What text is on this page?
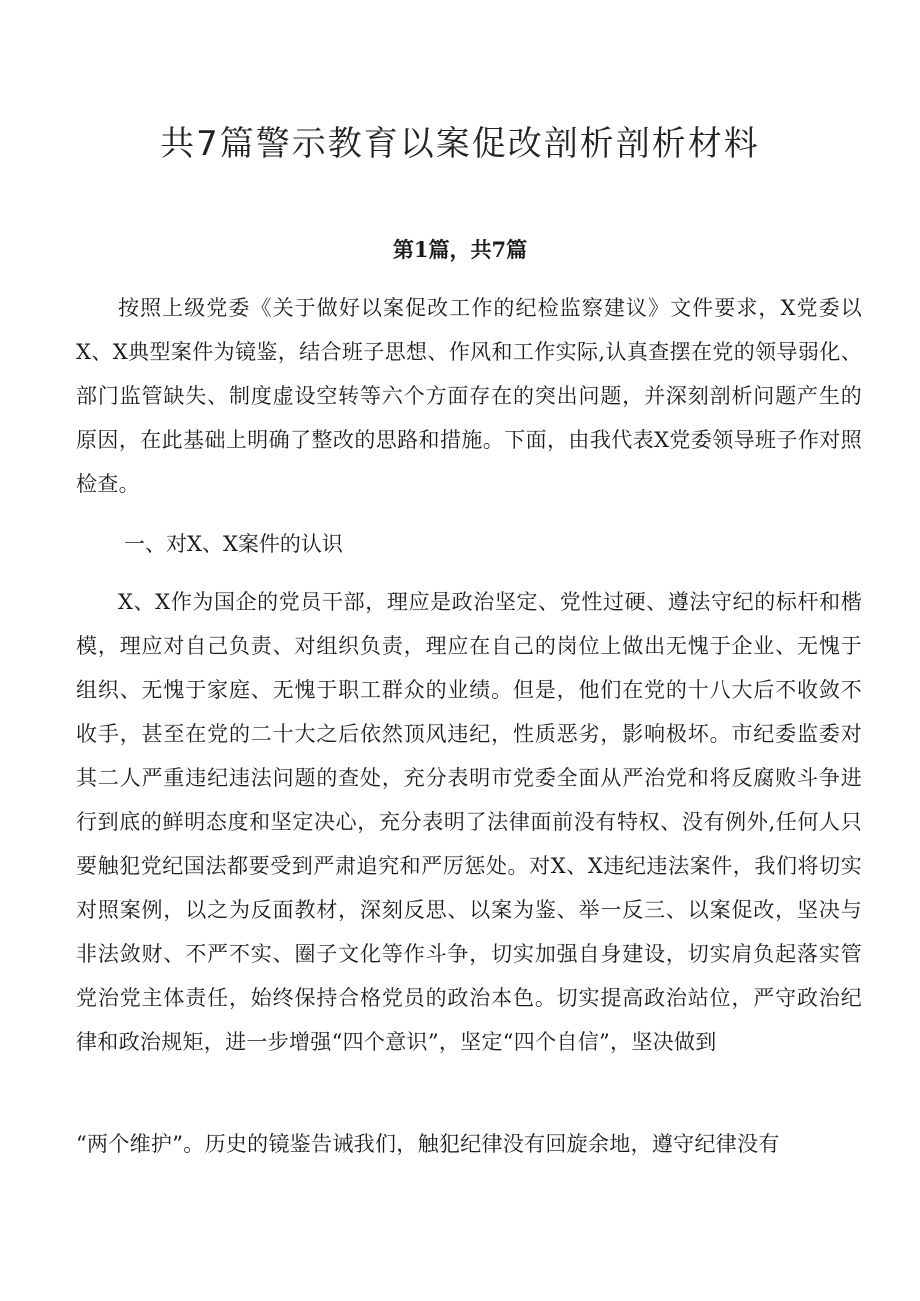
共7篇警示教育以案促改剖析剖析材料

第1篇，共7篇

按照上级党委《关于做好以案促改工作的纪检监察建议》文件要求，X党委以X、X典型案件为镜鉴，结合班子思想、作风和工作实际,认真查摆在党的领导弱化、部门监管缺失、制度虚设空转等六个方面存在的突出问题，并深刻剖析问题产生的原因，在此基础上明确了整改的思路和措施。下面，由我代表X党委领导班子作对照检查。

一、对X、X案件的认识

X、X作为国企的党员干部，理应是政治坚定、党性过硬、遵法守纪的标杆和楷模，理应对自己负责、对组织负责，理应在自己的岗位上做出无愧于企业、无愧于组织、无愧于家庭、无愧于职工群众的业绩。但是，他们在党的十八大后不收敛不收手，甚至在党的二十大之后依然顶风违纪，性质恶劣，影响极坏。市纪委监委对其二人严重违纪违法问题的查处，充分表明市党委全面从严治党和将反腐败斗争进行到底的鲜明态度和坚定决心，充分表明了法律面前没有特权、没有例外,任何人只要触犯党纪国法都要受到严肃追究和严厉惩处。对X、X违纪违法案件，我们将切实对照案例，以之为反面教材，深刻反思、以案为鉴、举一反三、以案促改，坚决与非法敛财、不严不实、圈子文化等作斗争，切实加强自身建设，切实肩负起落实管党治党主体责任，始终保持合格党员的政治本色。切实提高政治站位，严守政治纪律和政治规矩，进一步增强“四个意识”，坚定“四个自信”，坚决做到

“两个维护”。历史的镜鉴告诫我们，触犯纪律没有回旋余地，遵守纪律没有
